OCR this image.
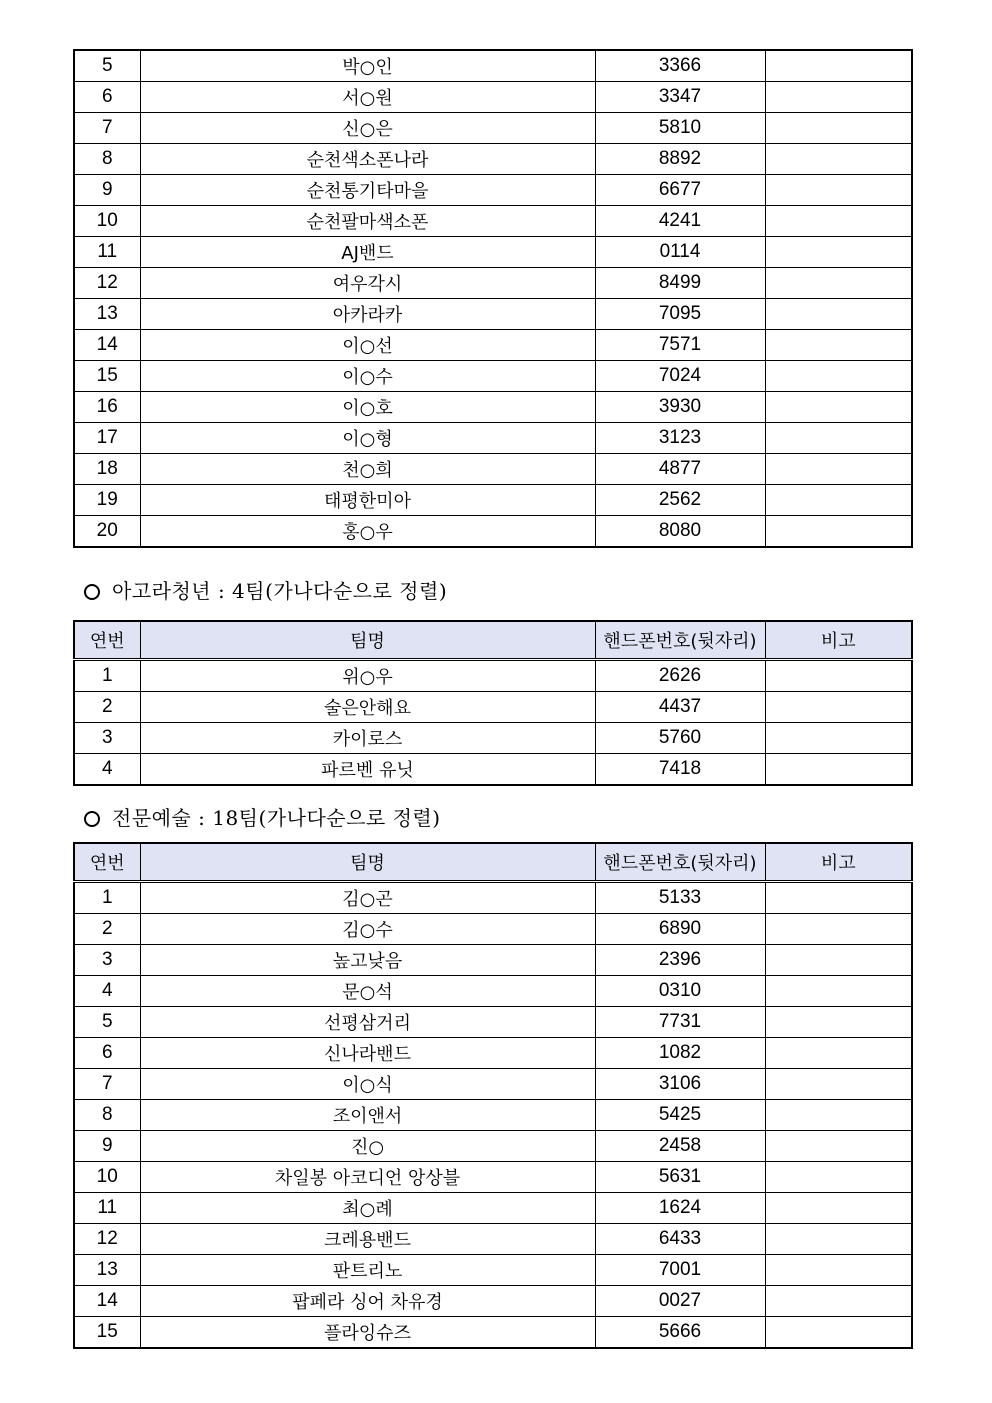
5	박○인	3366	
6	서○원	3347	
7	신○은	5810	
8	순천색소폰나라	8892	
9	순천통기타마을	6677	
10	순천팔마색소폰	4241	
11	AJ밴드	0114	
12	여우각시	8499	
13	아카라카	7095	
14	이○선	7571	
15	이○수	7024	
16	이○호	3930	
17	이○형	3123	
18	천○희	4877	
19	태평한미아	2562	
20	홍○우	8080	
아고라청년 : 4팀(가나다순으로 정렬)
연번	팀명	핸드폰번호(뒷자리)	비고
1	위○우	2626	
2	술은안해요	4437	
3	카이로스	5760	
4	파르벤 유닛	7418	
전문예술 : 18팀(가나다순으로 정렬)
연번	팀명	핸드폰번호(뒷자리)	비고
1	김○곤	5133	
2	김○수	6890	
3	높고낮음	2396	
4	문○석	0310	
5	선평삼거리	7731	
6	신나라밴드	1082	
7	이○식	3106	
8	조이앤서	5425	
9	진○	2458	
10	차일봉 아코디언 앙상블	5631	
11	최○례	1624	
12	크레용밴드	6433	
13	판트리노	7001	
14	팝페라 싱어 차유경	0027	
15	플라잉슈즈	5666	
